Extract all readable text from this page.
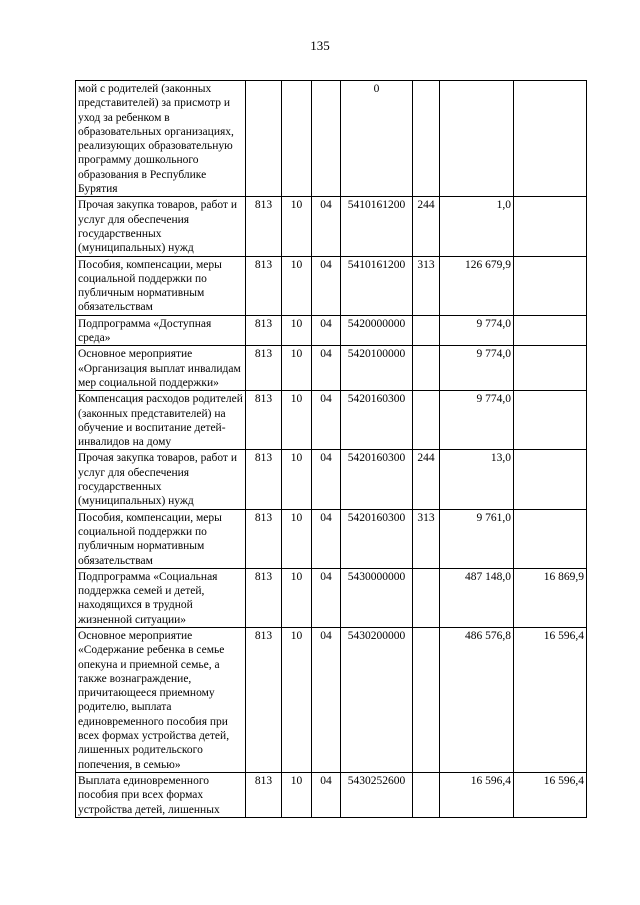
135
мой с родителей (законных представителей) за присмотр и уход за ребенком в образовательных организациях, реализующих образовательную программу дошкольного образования в Республике Бурятия				0			
Прочая закупка товаров, работ и услуг для обеспечения государственных (муниципальных) нужд	813	10	04	5410161200	244	1,0	
Пособия, компенсации, меры социальной поддержки по публичным нормативным обязательствам	813	10	04	5410161200	313	126 679,9	
Подпрограмма «Доступная среда»	813	10	04	5420000000		9 774,0	
Основное мероприятие «Организация выплат инвалидам мер социальной поддержки»	813	10	04	5420100000		9 774,0	
Компенсация расходов родителей (законных представителей) на обучение и воспитание детей-инвалидов на дому	813	10	04	5420160300		9 774,0	
Прочая закупка товаров, работ и услуг для обеспечения государственных (муниципальных) нужд	813	10	04	5420160300	244	13,0	
Пособия, компенсации, меры социальной поддержки по публичным нормативным обязательствам	813	10	04	5420160300	313	9 761,0	
Подпрограмма «Социальная поддержка семей и детей, находящихся в трудной жизненной ситуации»	813	10	04	5430000000		487 148,0	16 869,9
Основное мероприятие «Содержание ребенка в семье опекуна и приемной семье, а также вознаграждение, причитающееся приемному родителю, выплата единовременного пособия при всех формах устройства детей, лишенных родительского попечения, в семью»	813	10	04	5430200000		486 576,8	16 596,4
Выплата единовременного пособия при всех формах устройства детей, лишенных	813	10	04	5430252600		16 596,4	16 596,4
